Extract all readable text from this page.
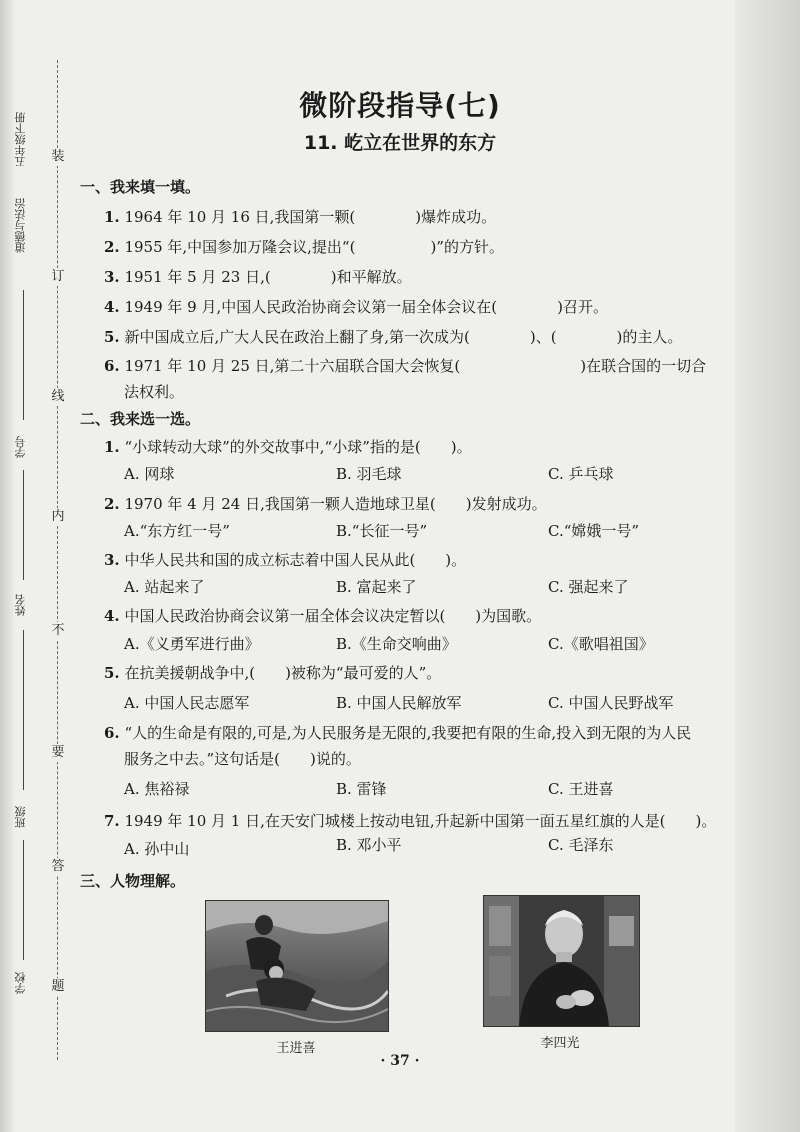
装
订
线
内
不
要
答
题
五年级下册
道德与法治
学号
姓名
班级
学校
微阶段指导(七)
11. 屹立在世界的东方
一、我来填一填。
1. 1964 年 10 月 16 日,我国第一颗(　　　　)爆炸成功。
2. 1955 年,中国参加万隆会议,提出“(　　　　　)”的方针。
3. 1951 年 5 月 23 日,(　　　　)和平解放。
4. 1949 年 9 月,中国人民政治协商会议第一届全体会议在(　　　　)召开。
5. 新中国成立后,广大人民在政治上翻了身,第一次成为(　　　　)、(　　　　)的主人。
6. 1971 年 10 月 25 日,第二十六届联合国大会恢复(　　　　　　　　)在联合国的一切合
法权利。
二、我来选一选。
1. “小球转动大球”的外交故事中,“小球”指的是(　　)。
A. 网球	B. 羽毛球	C. 乒乓球
2. 1970 年 4 月 24 日,我国第一颗人造地球卫星(　　)发射成功。
A.“东方红一号”	B.“长征一号”	C.“嫦娥一号”
3. 中华人民共和国的成立标志着中国人民从此(　　)。
A. 站起来了	B. 富起来了	C. 强起来了
4. 中国人民政治协商会议第一届全体会议决定暂以(　　)为国歌。
A.《义勇军进行曲》	B.《生命交响曲》	C.《歌唱祖国》
5. 在抗美援朝战争中,(　　)被称为“最可爱的人”。
A. 中国人民志愿军	B. 中国人民解放军	C. 中国人民野战军
6. “人的生命是有限的,可是,为人民服务是无限的,我要把有限的生命,投入到无限的为人民
服务之中去。”这句话是(　　)说的。
A. 焦裕禄	B. 雷锋	C. 王进喜
7. 1949 年 10 月 1 日,在天安门城楼上按动电钮,升起新中国第一面五星红旗的人是(　　)。
A. 孙中山	B. 邓小平	C. 毛泽东
三、人物理解。
王进喜	李四光
· 37 ·
